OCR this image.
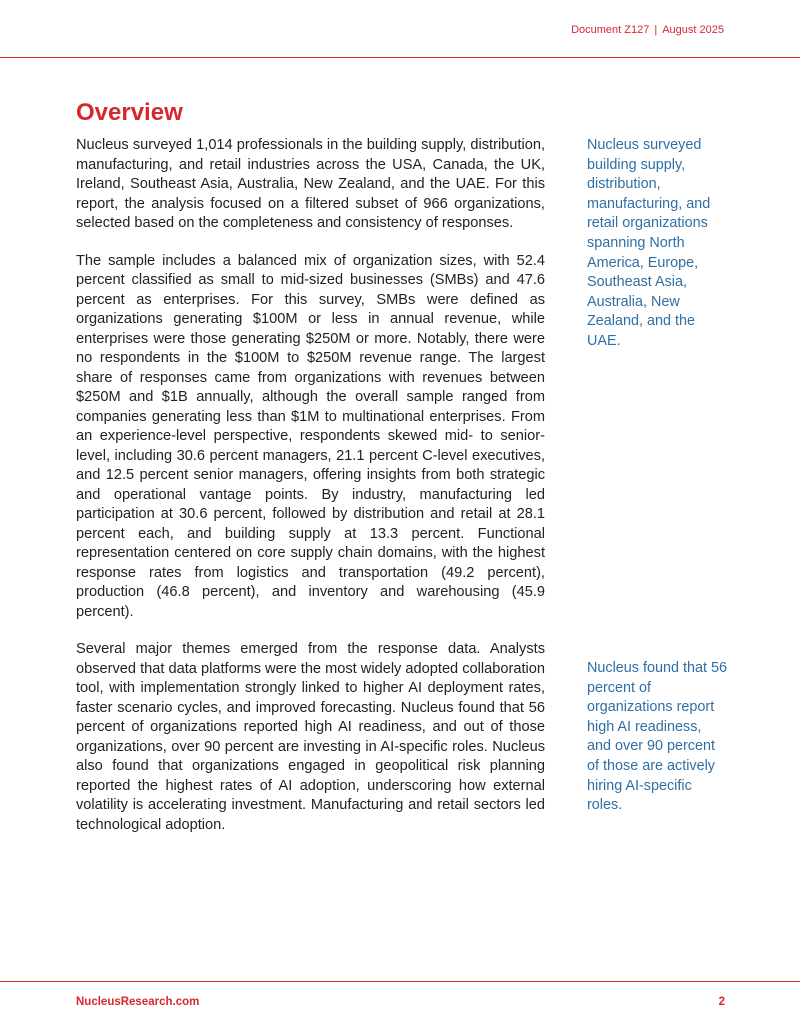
Document Z127 | August 2025
Overview

Nucleus surveyed 1,014 professionals in the building supply, distribution, manufacturing, and retail industries across the USA, Canada, the UK, Ireland, Southeast Asia, Australia, New Zealand, and the UAE. For this report, the analysis focused on a filtered subset of 966 organizations, selected based on the completeness and consistency of responses.

The sample includes a balanced mix of organization sizes, with 52.4 percent classified as small to mid-sized businesses (SMBs) and 47.6 percent as enterprises. For this survey, SMBs were defined as organizations generating $100M or less in annual revenue, while enterprises were those generating $250M or more. Notably, there were no respondents in the $100M to $250M revenue range. The largest share of responses came from organizations with revenues between $250M and $1B annually, although the overall sample ranged from companies generating less than $1M to multinational enterprises. From an experience-level perspective, respondents skewed mid- to senior-level, including 30.6 percent managers, 21.1 percent C-level executives, and 12.5 percent senior managers, offering insights from both strategic and operational vantage points. By industry, manufacturing led participation at 30.6 percent, followed by distribution and retail at 28.1 percent each, and building supply at 13.3 percent. Functional representation centered on core supply chain domains, with the highest response rates from logistics and transportation (49.2 percent), production (46.8 percent), and inventory and warehousing (45.9 percent).

Several major themes emerged from the response data. Analysts observed that data platforms were the most widely adopted collaboration tool, with implementation strongly linked to higher AI deployment rates, faster scenario cycles, and improved forecasting. Nucleus found that 56 percent of organizations reported high AI readiness, and out of those organizations, over 90 percent are investing in AI-specific roles. Nucleus also found that organizations engaged in geopolitical risk planning reported the highest rates of AI adoption, underscoring how external volatility is accelerating investment. Manufacturing and retail sectors led technological adoption.

Nucleus surveyed building supply, distribution, manufacturing, and retail organizations spanning North America, Europe, Southeast Asia, Australia, New Zealand, and the UAE.

Nucleus found that 56 percent of organizations report high AI readiness, and over 90 percent of those are actively hiring AI-specific roles.

NucleusResearch.com	2
